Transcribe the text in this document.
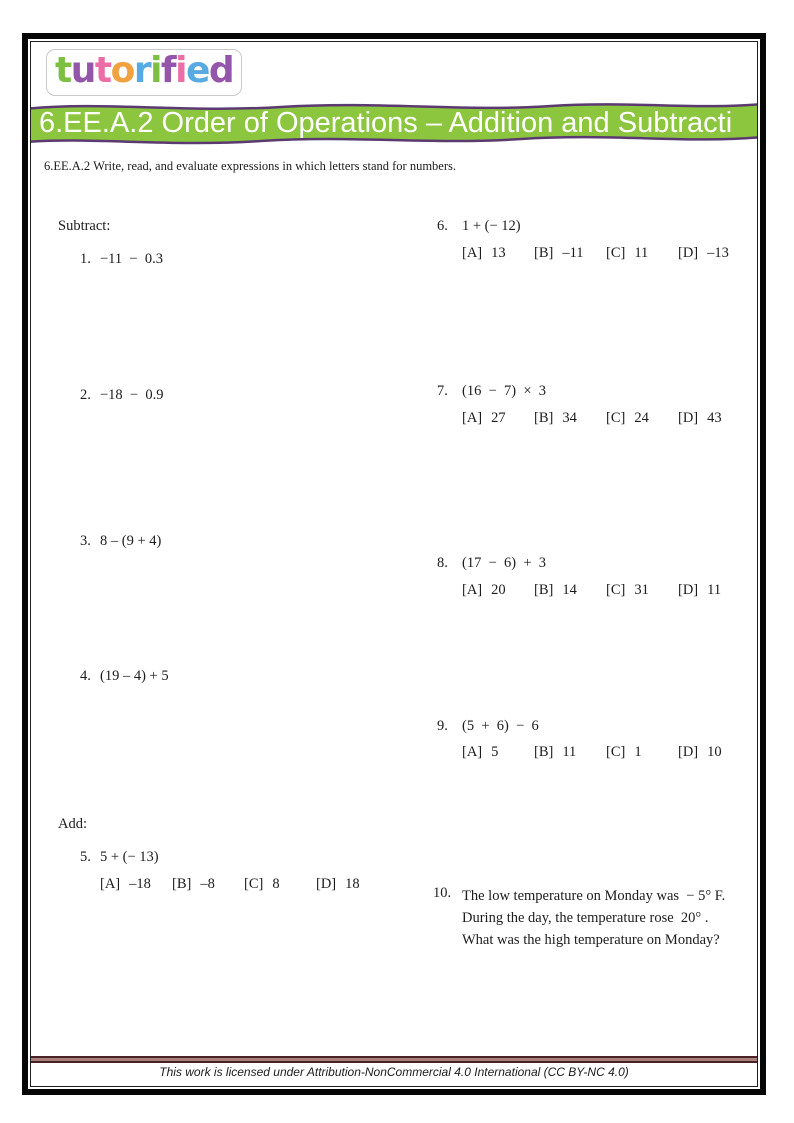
tutorified
6.EE.A.2 Order of Operations – Addition and Subtracti
6.EE.A.2 Write, read, and evaluate expressions in which letters stand for numbers.
Subtract:
1. −11  −  0.3
2. −18  −  0.9
3. 8 – (9 + 4)
4. (19 – 4) + 5
Add:
5. 5 + (− 13)
[A] –18 [B] –8 [C] 8	[D] 18
6. 1 + (− 12)
[A] 13 [B] –11 [C] 11 [D] –13
7. (16  −  7)  ×  3
[A] 27 [B] 34 [C] 24 [D] 43
8. (17  −  6)  +  3
[A] 20 [B] 14 [C] 31 [D] 11
9. (5  +  6)  −  6
[A] 5 [B] 11 [C] 1	[D] 10
10. The low temperature on Monday was  − 5° F.
During the day, the temperature rose  20° .
What was the high temperature on Monday?
This work is licensed under Attribution-NonCommercial 4.0 International (CC BY-NC 4.0)
